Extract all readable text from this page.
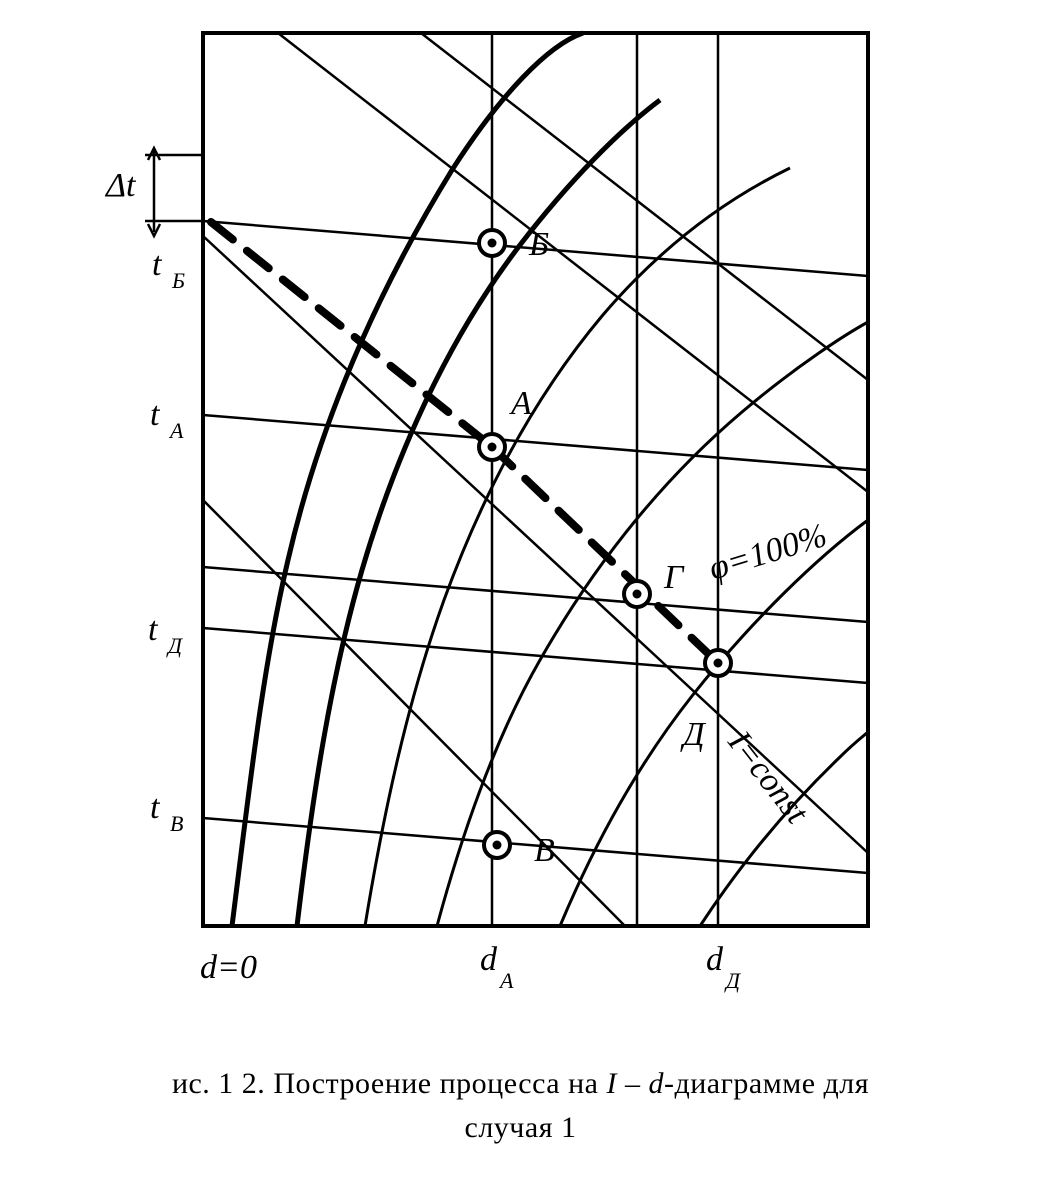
Δt
Б
А
Г
Д
В
φ=100%
I=const
t Б
t А
t Д
t В
d=0	d
А
d
Д
ис. 1 2. Построение процесса на I – d-диаграмме для
случая 1
